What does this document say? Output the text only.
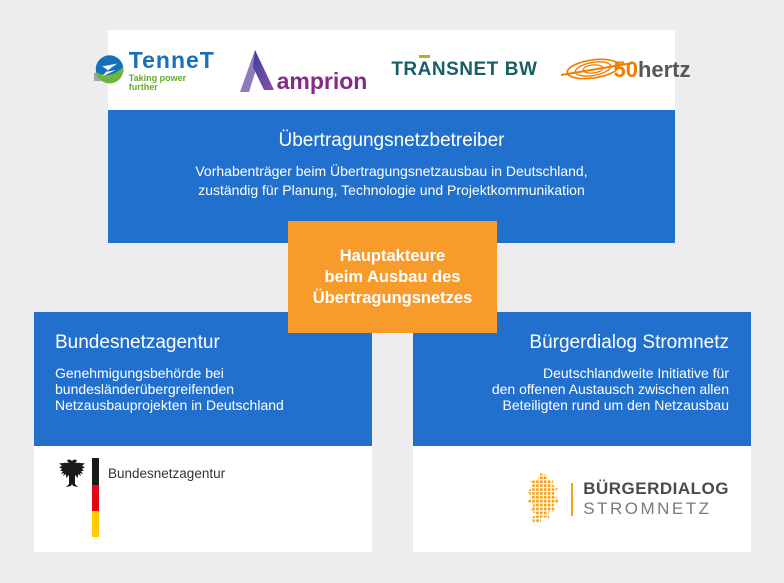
TenneT
Taking power further	amprion TRANSNET BW	50hertz
Übertragungsnetzbetreiber
Vorhabenträger beim Übertragungsnetzausbau in Deutschland,
zuständig für Planung, Technologie und Projektkommunikation
Hauptakteure
beim Ausbau des
Übertragungsnetzes
Bundesnetzagentur
Genehmigungsbehörde bei
bundesländerübergreifenden
Netzausbauprojekten in Deutschland
Bundesnetzagentur
Bürgerdialog Stromnetz
Deutschlandweite Initiative für
den offenen Austausch zwischen allen
Beteiligten rund um den Netzausbau
BÜRGERDIALOG
STROMNETZ
